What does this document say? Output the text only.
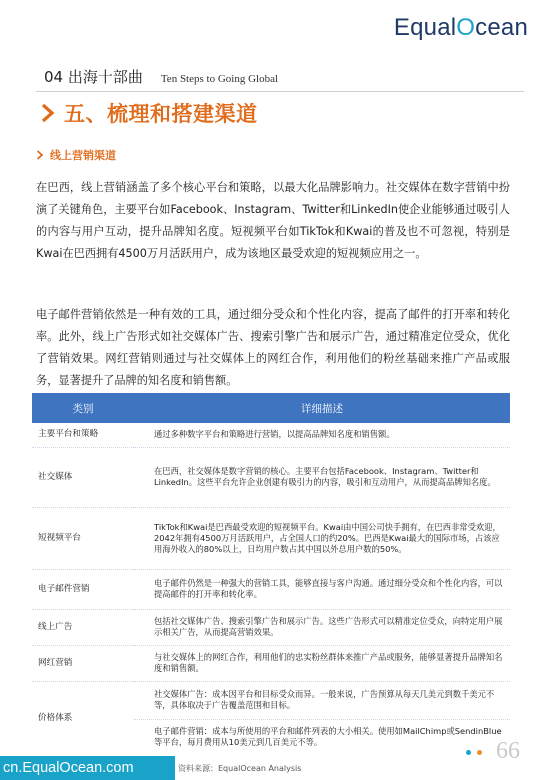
EqualOcean
04 出海十部曲 Ten Steps to Going Global
五、梳理和搭建渠道
线上营销渠道

在巴西，线上营销涵盖了多个核心平台和策略，以最大化品牌影响力。社交媒体在数字营销中扮演了关键角色，主要平台如Facebook、Instagram、Twitter和LinkedIn使企业能够通过吸引人的内容与用户互动，提升品牌知名度。短视频平台如TikTok和Kwai的普及也不可忽视，特别是Kwai在巴西拥有4500万月活跃用户，成为该地区最受欢迎的短视频应用之一。

电子邮件营销依然是一种有效的工具，通过细分受众和个性化内容，提高了邮件的打开率和转化率。此外，线上广告形式如社交媒体广告、搜索引擎广告和展示广告，通过精准定位受众，优化了营销效果。网红营销则通过与社交媒体上的网红合作，利用他们的粉丝基础来推广产品或服务，显著提升了品牌的知名度和销售额。

类别	详细描述
主要平台和策略	通过多种数字平台和策略进行营销，以提高品牌知名度和销售额。
社交媒体	在巴西，社交媒体是数字营销的核心。主要平台包括Facebook、Instagram、Twitter和LinkedIn。这些平台允许企业创建有吸引力的内容，吸引和互动用户，从而提高品牌知名度。
短视频平台	TikTok和Kwai是巴西最受欢迎的短视频平台。Kwai由中国公司快手拥有，在巴西非常受欢迎，2042年拥有4500万月活跃用户，占全国人口的约20%。巴西是Kwai最大的国际市场，占该应用海外收入的80%以上，日均用户数占其中国以外总用户数的50%。
电子邮件营销	电子邮件仍然是一种强大的营销工具，能够直接与客户沟通。通过细分受众和个性化内容，可以提高邮件的打开率和转化率。
线上广告	包括社交媒体广告、搜索引擎广告和展示广告。这些广告形式可以精准定位受众，向特定用户展示相关广告，从而提高营销效果。
网红营销	与社交媒体上的网红合作，利用他们的忠实粉丝群体来推广产品或服务，能够显著提升品牌知名度和销售额。
价格体系	社交媒体广告：成本因平台和目标受众而异。一般来说，广告预算从每天几美元到数千美元不等，具体取决于广告覆盖范围和目标。
	电子邮件营销：成本与所使用的平台和邮件列表的大小相关。使用如MailChimp或SendinBlue等平台，每月费用从10美元到几百美元不等。	66
cn.EqualOcean.com	资料来源：EqualOcean Analysis
